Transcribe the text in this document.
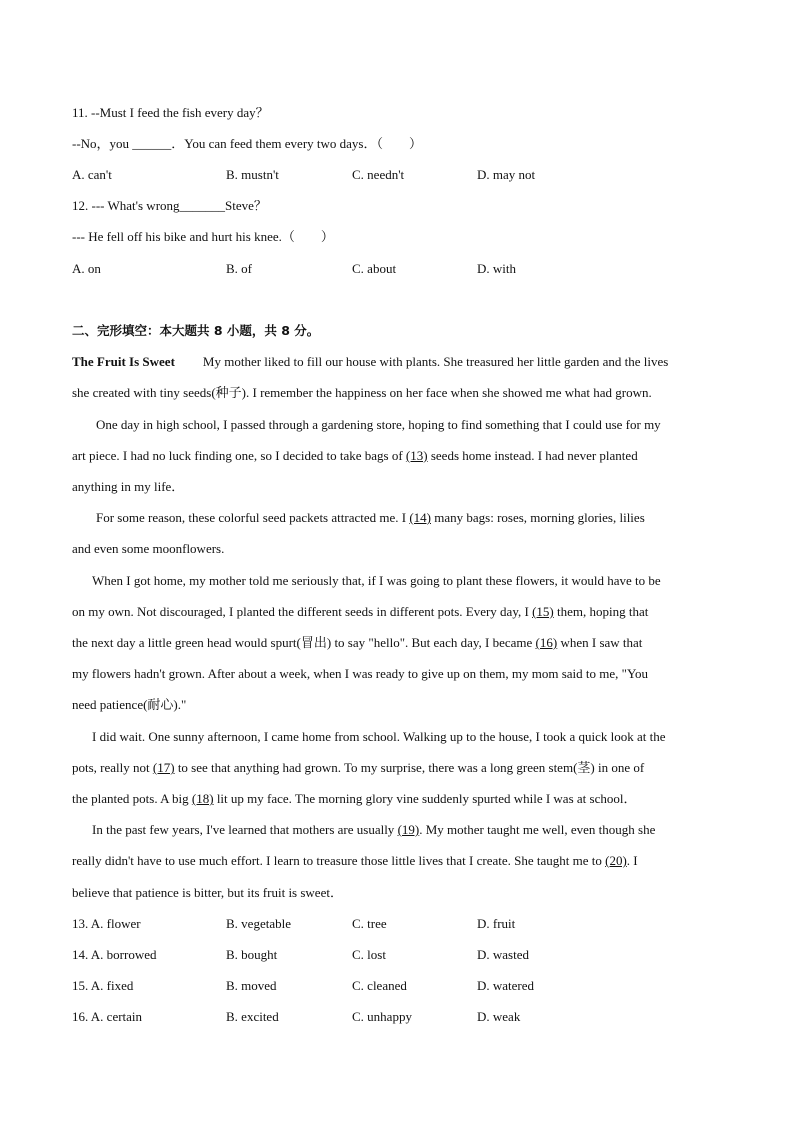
11. --Must I feed the fish every day？
--No，you ______．You can feed them every two days．（　　）
A. can't	B. mustn't	C. needn't	D. may not
12. --- What's wrong_______Steve？
--- He fell off his bike and hurt his knee.（　　）
A. on	B. of	C. about	D. with
二、完形填空：本大题共 8 小题，共 8 分。
The Fruit Is Sweet My mother liked to fill our house with plants. She treasured her little garden and the lives
she created with tiny seeds(种子). I remember the happiness on her face when she showed me what had grown.
One day in high school, I passed through a gardening store, hoping to find something that I could use for my
art piece. I had no luck finding one, so I decided to take bags of (13) seeds home instead. I had never planted
anything in my life．
For some reason, these colorful seed packets attracted me. I (14) many bags: roses, morning glories, lilies
and even some moonflowers.
When I got home, my mother told me seriously that, if I was going to plant these flowers, it would have to be
on my own. Not discouraged, I planted the different seeds in different pots. Every day, I (15) them, hoping that
the next day a little green head would spurt(冒出) to say "hello". But each day, I became (16) when I saw that
my flowers hadn't grown. After about a week, when I was ready to give up on them, my mom said to me, "You
need patience(耐心)."
I did wait. One sunny afternoon, I came home from school. Walking up to the house, I took a quick look at the
pots, really not (17) to see that anything had grown. To my surprise, there was a long green stem(茎) in one of
the planted pots. A big (18) lit up my face. The morning glory vine suddenly spurted while I was at school．
In the past few years, I've learned that mothers are usually (19). My mother taught me well, even though she
really didn't have to use much effort. I learn to treasure those little lives that I create. She taught me to (20). I
believe that patience is bitter, but its fruit is sweet．
13. A. flower	B. vegetable	C. tree	D. fruit
14. A. borrowed	B. bought	C. lost	D. wasted
15. A. fixed	B. moved	C. cleaned	D. watered
16. A. certain	B. excited	C. unhappy	D. weak
